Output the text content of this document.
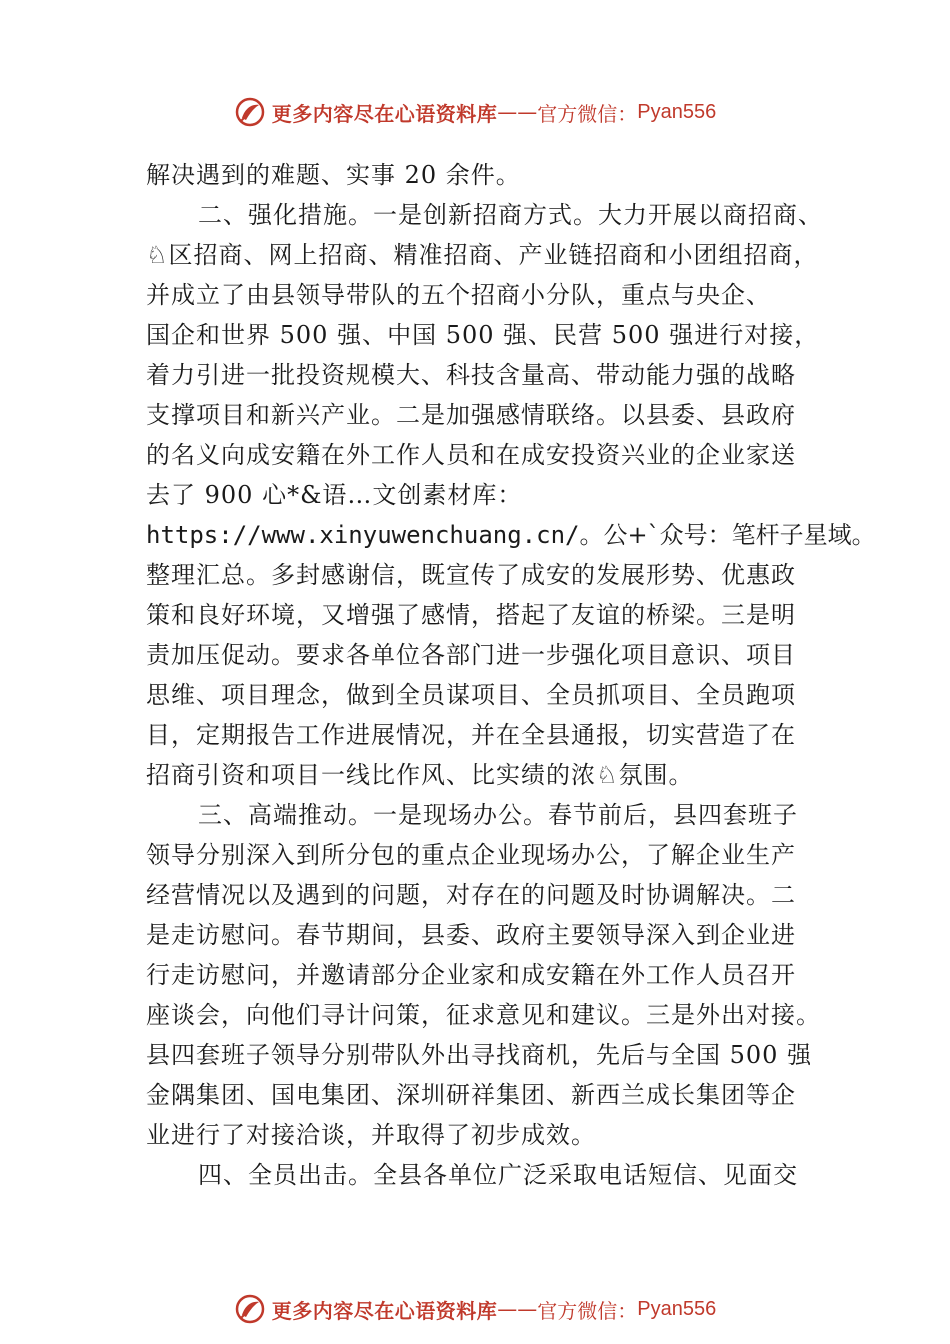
更多内容尽在心语资料库 —— 官方微信： Pyan556
解决遇到的难题、实事 20 余件。
二、强化措施。一是创新招商方式。大力开展以商招商、
♘区招商、网上招商、精准招商、产业链招商和小团组招商，
并成立了由县领导带队的五个招商小分队，重点与央企、
国企和世界 500 强、中国 500 强、民营 500 强进行对接，
着力引进一批投资规模大、科技含量高、带动能力强的战略
支撑项目和新兴产业。二是加强感情联络。以县委、县政府
的名义向成安籍在外工作人员和在成安投资兴业的企业家送
去了 900 心*&语…文创素材库：
https://www.xinyuwenchuang.cn/。公+`众号：笔杆子星域。
整理汇总。多封感谢信，既宣传了成安的发展形势、优惠政
策和良好环境，又增强了感情，搭起了友谊的桥梁。三是明
责加压促动。要求各单位各部门进一步强化项目意识、项目
思维、项目理念，做到全员谋项目、全员抓项目、全员跑项
目，定期报告工作进展情况，并在全县通报，切实营造了在
招商引资和项目一线比作风、比实绩的浓♘氛围。
三、高端推动。一是现场办公。春节前后，县四套班子
领导分别深入到所分包的重点企业现场办公，了解企业生产
经营情况以及遇到的问题，对存在的问题及时协调解决。二
是走访慰问。春节期间，县委、政府主要领导深入到企业进
行走访慰问，并邀请部分企业家和成安籍在外工作人员召开
座谈会，向他们寻计问策，征求意见和建议。三是外出对接。
县四套班子领导分别带队外出寻找商机，先后与全国 500 强
金隅集团、国电集团、深圳研祥集团、新西兰成长集团等企
业进行了对接洽谈，并取得了初步成效。
四、全员出击。全县各单位广泛采取电话短信、见面交
更多内容尽在心语资料库 —— 官方微信： Pyan556
